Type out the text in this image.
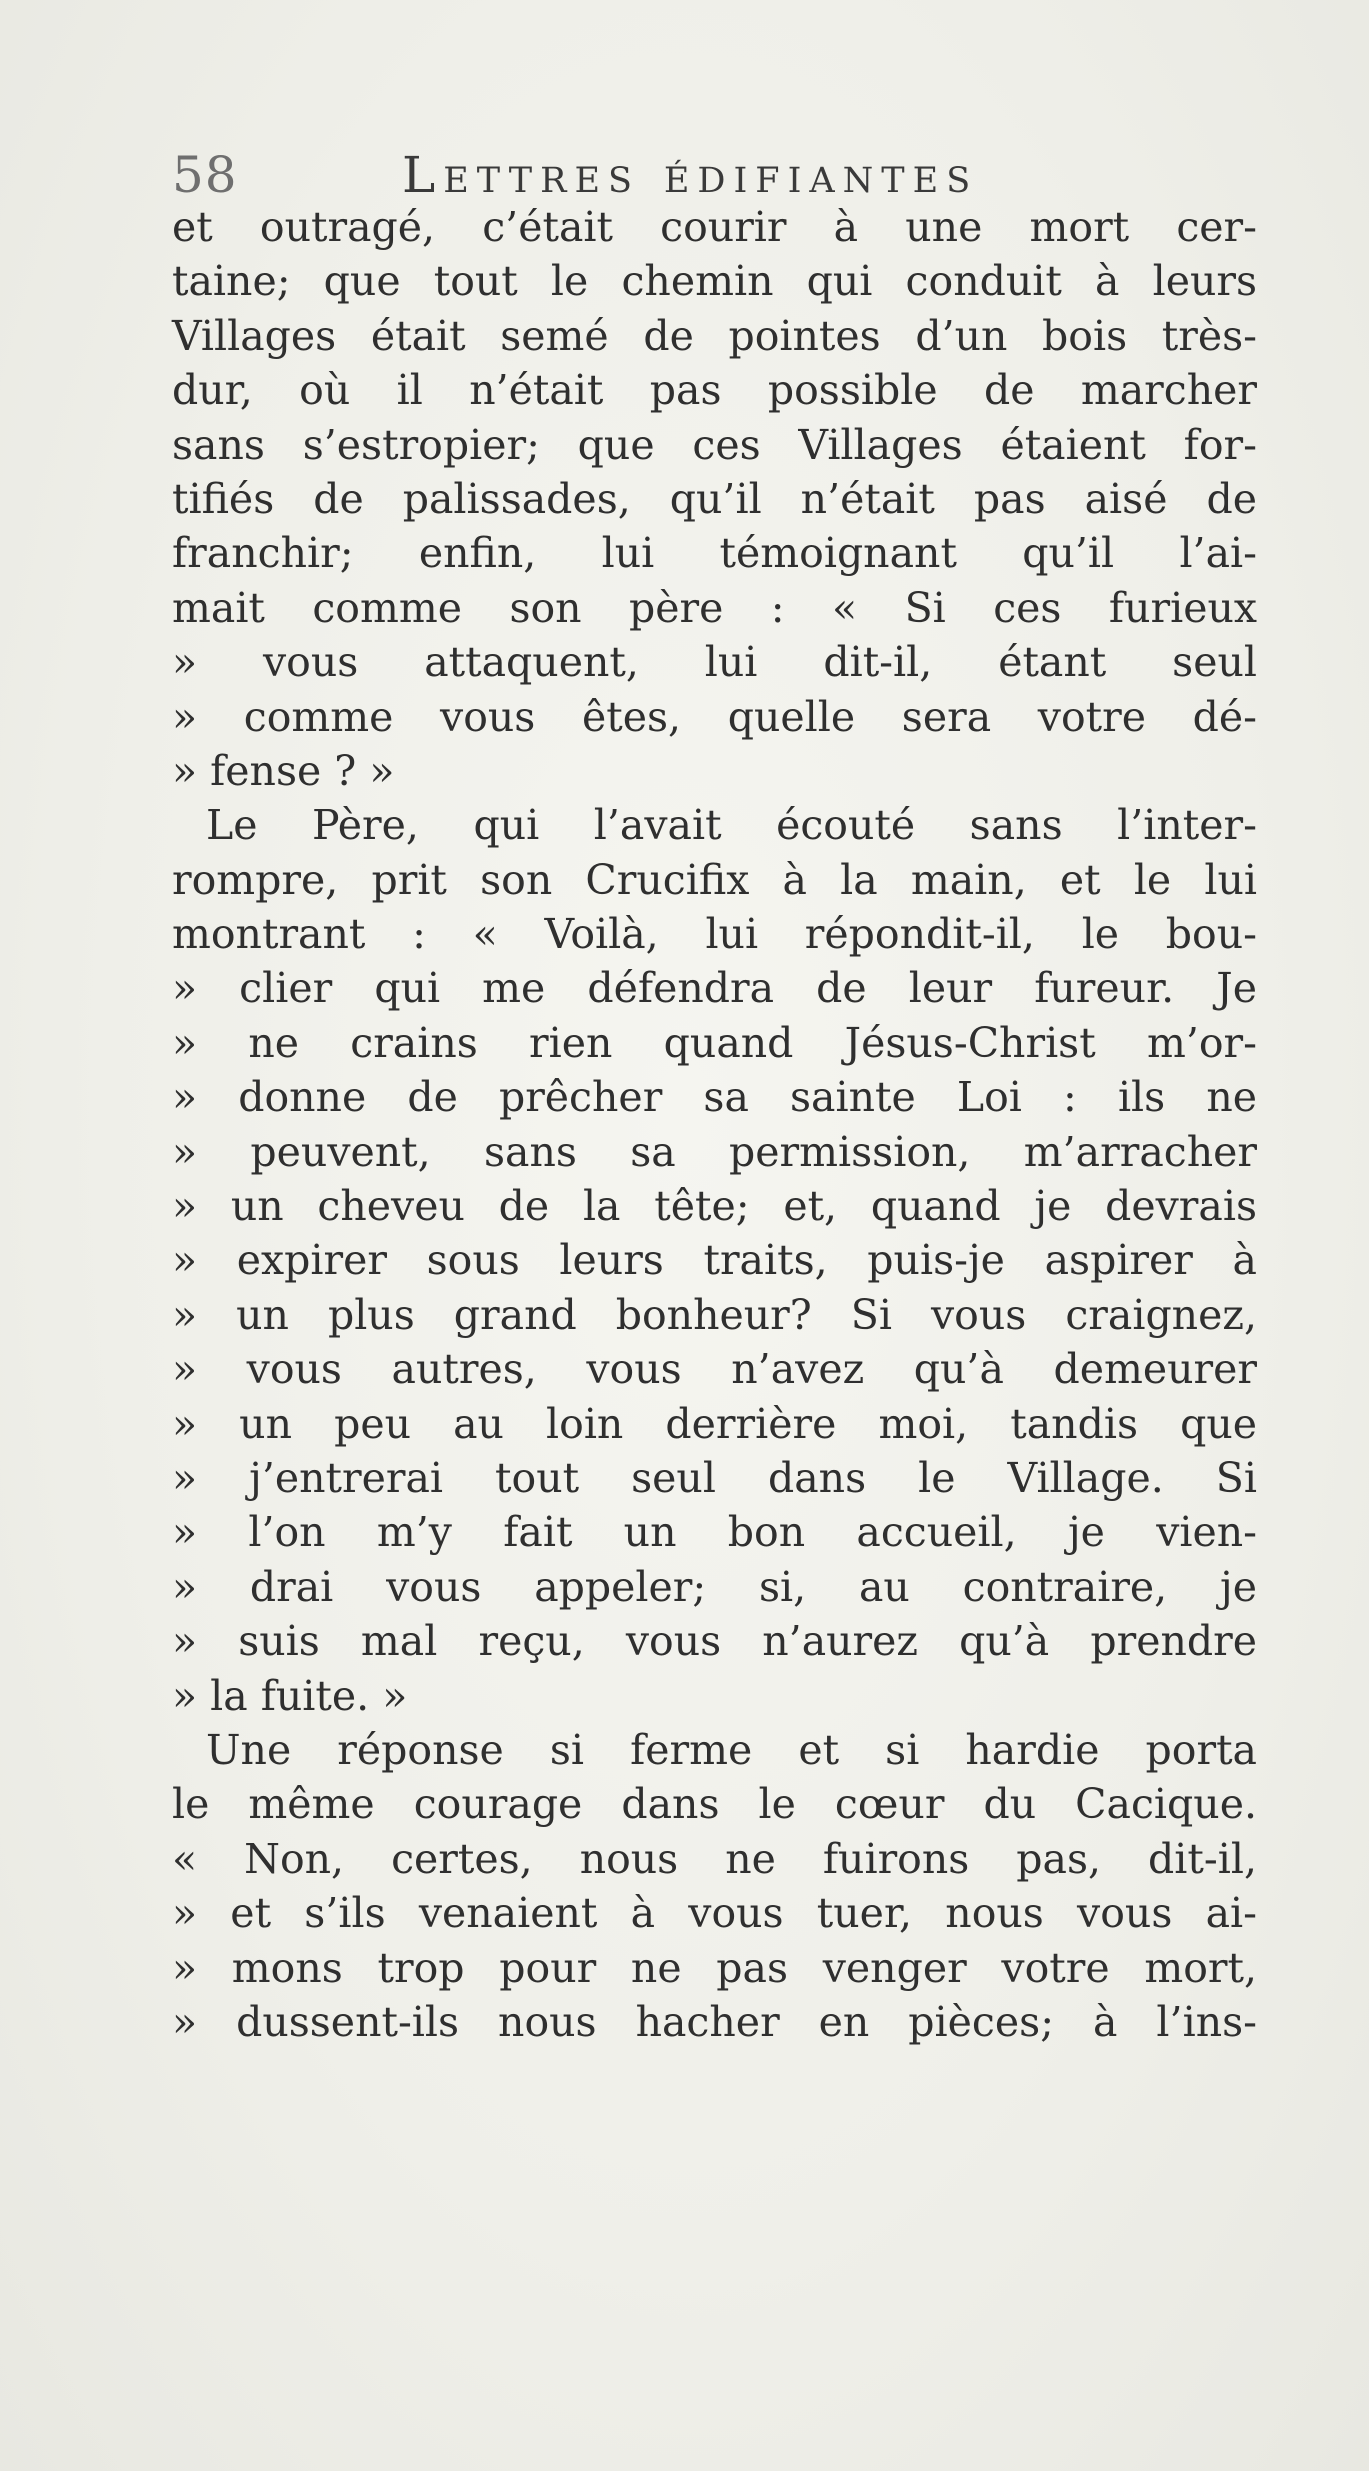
58	Lettres édifiantes
et outragé, c’était courir à une mort cer-
taine; que tout le chemin qui conduit à leurs
Villages était semé de pointes d’un bois très-
dur, où il n’était pas possible de marcher
sans s’estropier; que ces Villages étaient for-
tifiés de palissades, qu’il n’était pas aisé de
franchir; enfin, lui témoignant qu’il l’ai-
mait comme son père : « Si ces furieux
» vous attaquent, lui dit-il, étant seul
» comme vous êtes, quelle sera votre dé-
» fense ? »
Le Père, qui l’avait écouté sans l’inter-
rompre, prit son Crucifix à la main, et le lui
montrant : « Voilà, lui répondit-il, le bou-
» clier qui me défendra de leur fureur. Je
» ne crains rien quand Jésus-Christ m’or-
» donne de prêcher sa sainte Loi : ils ne
» peuvent, sans sa permission, m’arracher
» un cheveu de la tête; et, quand je devrais
» expirer sous leurs traits, puis-je aspirer à
» un plus grand bonheur? Si vous craignez,
» vous autres, vous n’avez qu’à demeurer
» un peu au loin derrière moi, tandis que
» j’entrerai tout seul dans le Village. Si
» l’on m’y fait un bon accueil, je vien-
» drai vous appeler; si, au contraire, je
» suis mal reçu, vous n’aurez qu’à prendre
» la fuite. »
Une réponse si ferme et si hardie porta
le même courage dans le cœur du Cacique.
« Non, certes, nous ne fuirons pas, dit-il,
» et s’ils venaient à vous tuer, nous vous ai-
» mons trop pour ne pas venger votre mort,
» dussent-ils nous hacher en pièces; à l’ins-
